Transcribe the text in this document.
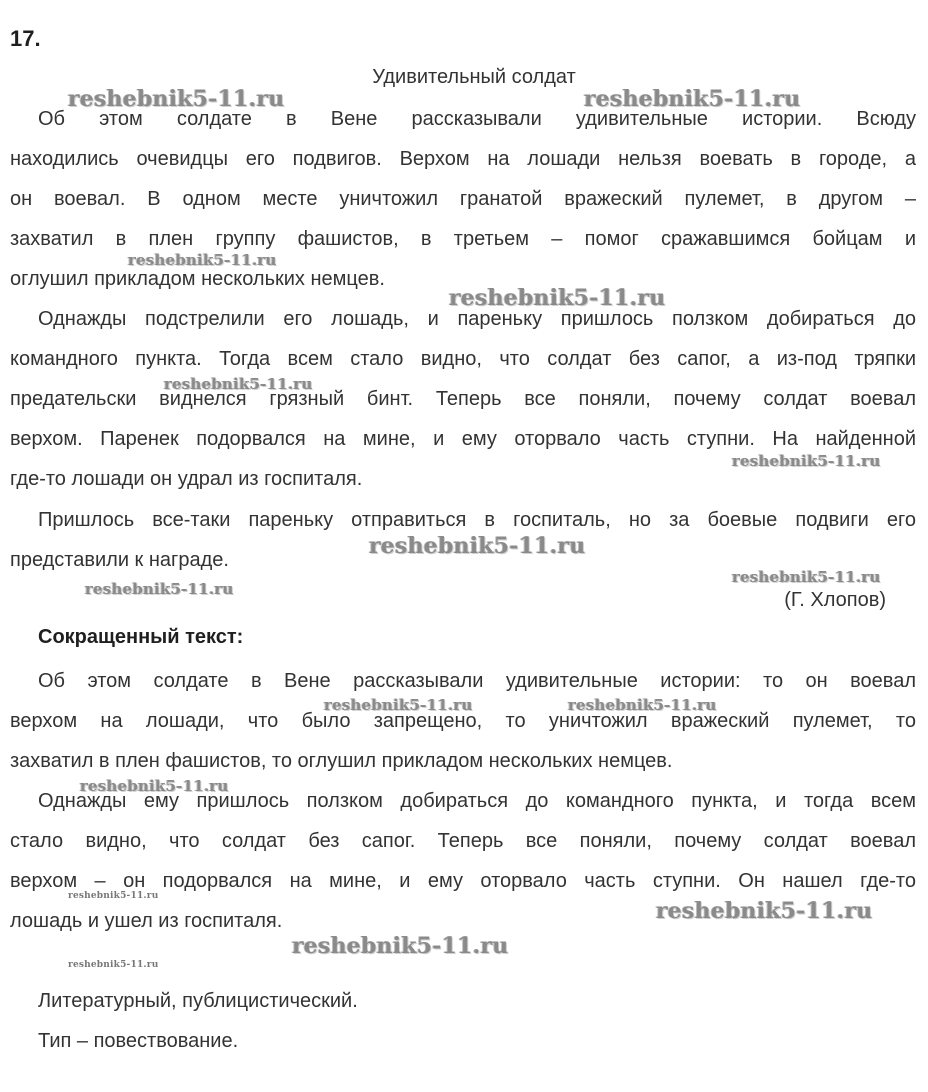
17.
Удивительный солдат
Об этом солдате в Вене рассказывали удивительные истории. Всюду
находились очевидцы его подвигов. Верхом на лошади нельзя воевать в городе, а
он воевал. В одном месте уничтожил гранатой вражеский пулемет, в другом –
захватил в плен группу фашистов, в третьем – помог сражавшимся бойцам и
оглушил прикладом нескольких немцев.
Однажды подстрелили его лошадь, и пареньку пришлось ползком добираться до
командного пункта. Тогда всем стало видно, что солдат без сапог, а из-под тряпки
предательски виднелся грязный бинт. Теперь все поняли, почему солдат воевал
верхом. Паренек подорвался на мине, и ему оторвало часть ступни. На найденной
где-то лошади он удрал из госпиталя.
Пришлось все-таки пареньку отправиться в госпиталь, но за боевые подвиги его
представили к награде.
(Г. Хлопов)
Сокращенный текст:
Об этом солдате в Вене рассказывали удивительные истории: то он воевал
верхом на лошади, что было запрещено, то уничтожил вражеский пулемет, то
захватил в плен фашистов, то оглушил прикладом нескольких немцев.
Однажды ему пришлось ползком добираться до командного пункта, и тогда всем
стало видно, что солдат без сапог. Теперь все поняли, почему солдат воевал
верхом – он подорвался на мине, и ему оторвало часть ступни. Он нашел где-то
лошадь и ушел из госпиталя.
Литературный, публицистический.
Тип – повествование.
reshebnik5-11.ru	reshebnik5-11.ru
reshebnik5-11.ru
reshebnik5-11.ru
reshebnik5-11.ru
reshebnik5-11.ru
reshebnik5-11.ru
reshebnik5-11.ru
reshebnik5-11.ru
reshebnik5-11.ru	reshebnik5-11.ru
reshebnik5-11.ru
reshebnik5-11.ru
reshebnik5-11.ru
reshebnik5-11.ru
reshebnik5-11.ru
